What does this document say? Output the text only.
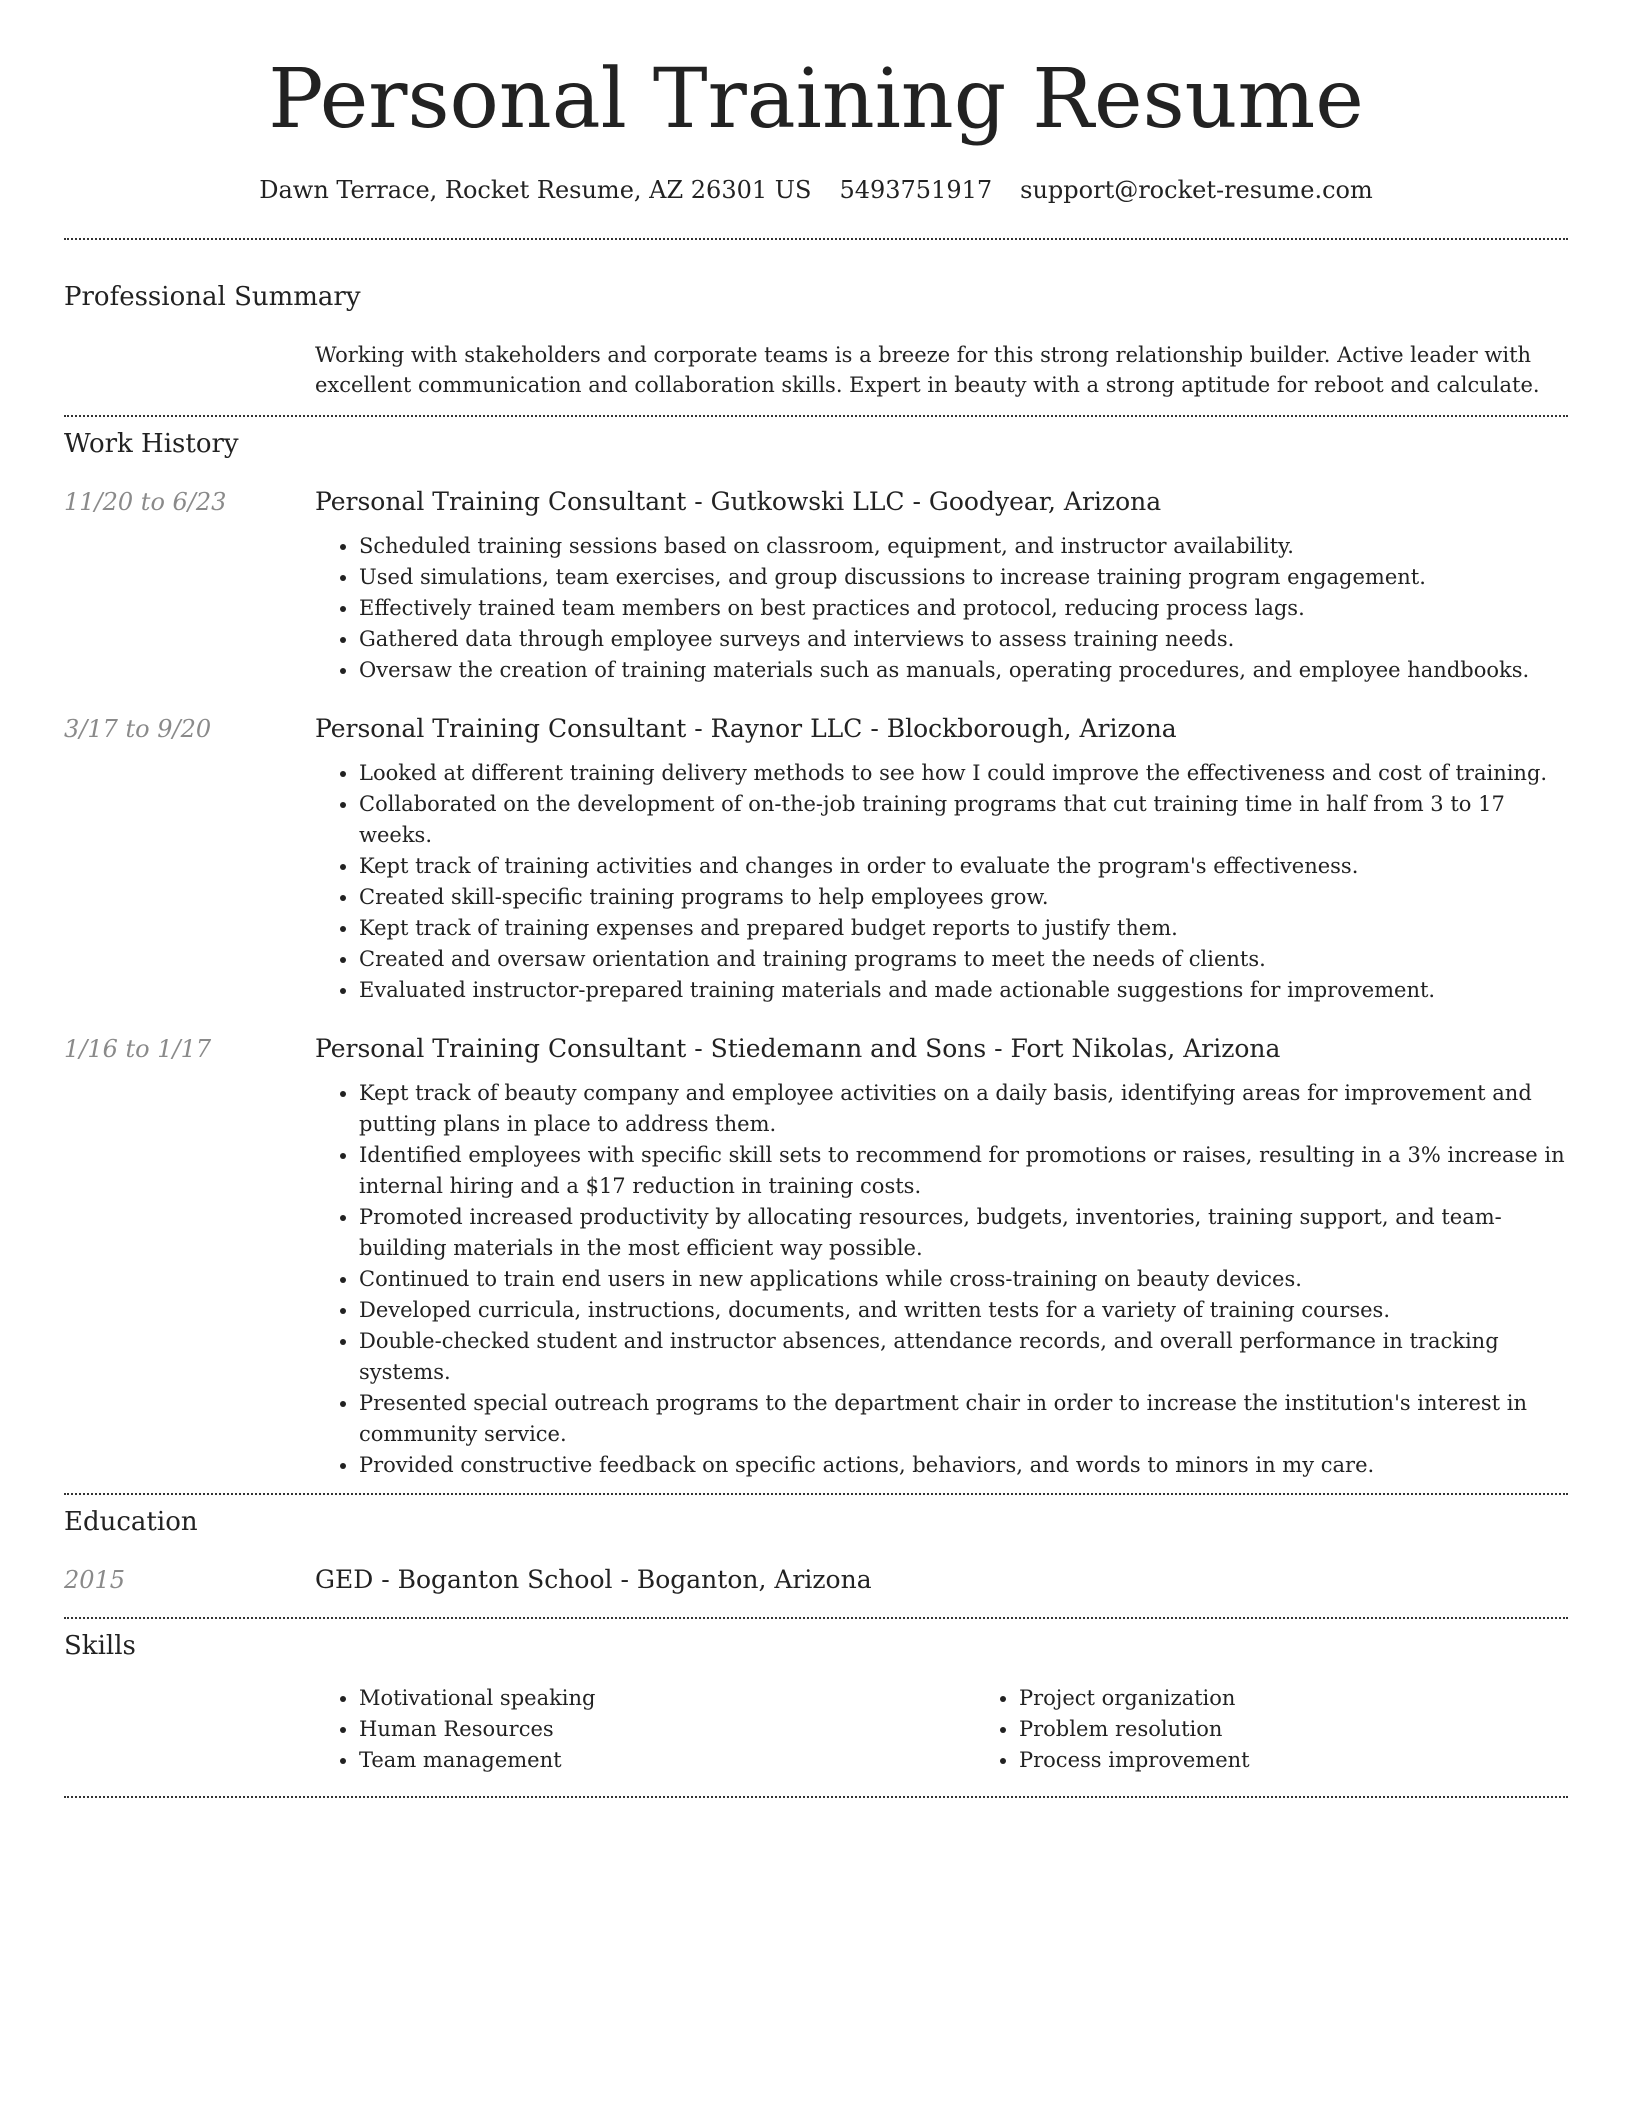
Personal Training Resume
Dawn Terrace, Rocket Resume, AZ 26301 US 5493751917 support@rocket-resume.com
Professional Summary
Working with stakeholders and corporate teams is a breeze for this strong relationship builder. Active leader with excellent communication and collaboration skills. Expert in beauty with a strong aptitude for reboot and calculate.
Work History
11/20 to 6/23	Personal Training Consultant - Gutkowski LLC - Goodyear, Arizona
• Scheduled training sessions based on classroom, equipment, and instructor availability.
• Used simulations, team exercises, and group discussions to increase training program engagement.
• Effectively trained team members on best practices and protocol, reducing process lags.
• Gathered data through employee surveys and interviews to assess training needs.
• Oversaw the creation of training materials such as manuals, operating procedures, and employee handbooks.
3/17 to 9/20	Personal Training Consultant - Raynor LLC - Blockborough, Arizona
• Looked at different training delivery methods to see how I could improve the effectiveness and cost of training.
• Collaborated on the development of on-the-job training programs that cut training time in half from 3 to 17 weeks.
• Kept track of training activities and changes in order to evaluate the program's effectiveness.
• Created skill-specific training programs to help employees grow.
• Kept track of training expenses and prepared budget reports to justify them.
• Created and oversaw orientation and training programs to meet the needs of clients.
• Evaluated instructor-prepared training materials and made actionable suggestions for improvement.
1/16 to 1/17	Personal Training Consultant - Stiedemann and Sons - Fort Nikolas, Arizona
• Kept track of beauty company and employee activities on a daily basis, identifying areas for improvement and putting plans in place to address them.
• Identified employees with specific skill sets to recommend for promotions or raises, resulting in a 3% increase in internal hiring and a $17 reduction in training costs.
• Promoted increased productivity by allocating resources, budgets, inventories, training support, and team-building materials in the most efficient way possible.
• Continued to train end users in new applications while cross-training on beauty devices.
• Developed curricula, instructions, documents, and written tests for a variety of training courses.
• Double-checked student and instructor absences, attendance records, and overall performance in tracking systems.
• Presented special outreach programs to the department chair in order to increase the institution's interest in community service.
• Provided constructive feedback on specific actions, behaviors, and words to minors in my care.
Education
2015	GED - Boganton School - Boganton, Arizona
Skills
• Motivational speaking
• Human Resources
• Team management
• Project organization
• Problem resolution
• Process improvement
